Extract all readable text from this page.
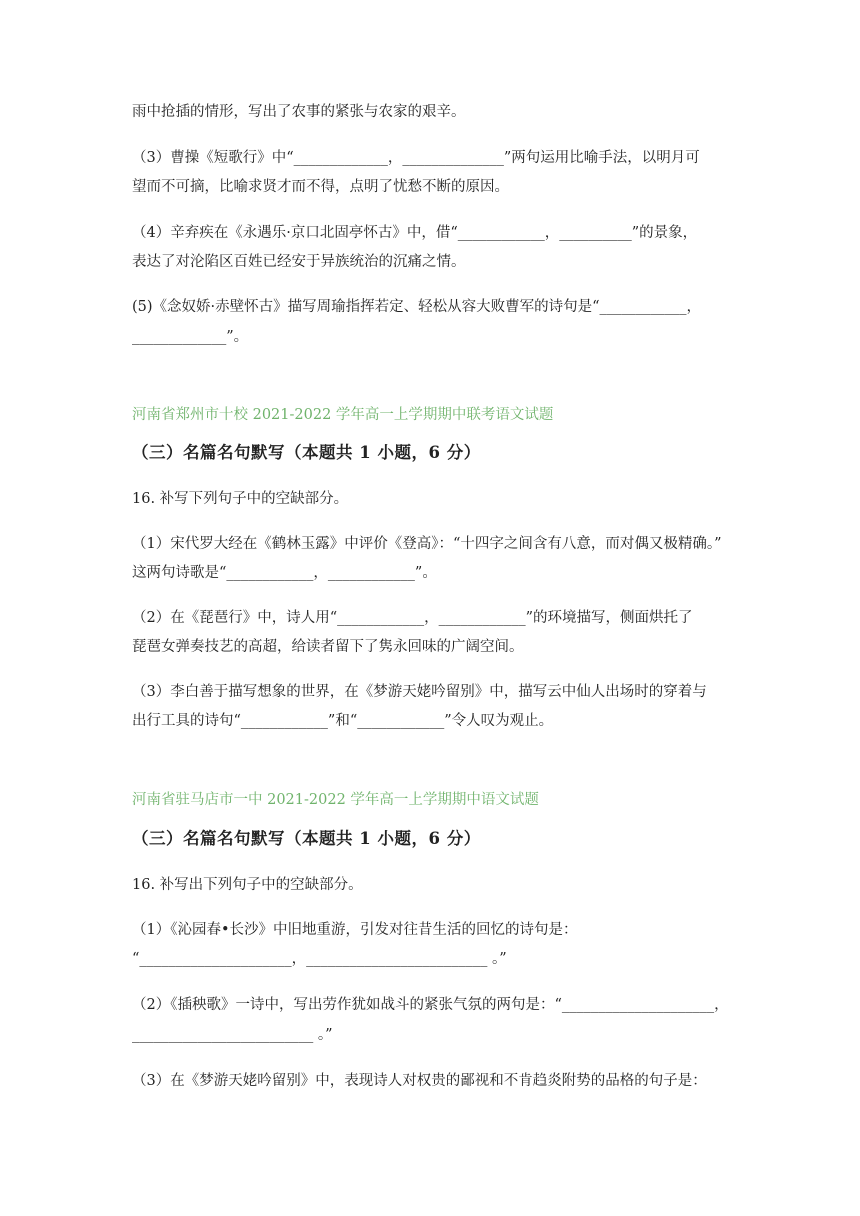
雨中抢插的情形，写出了农事的紧张与农家的艰辛。
（3）曹操《短歌行》中“_____________，______________”两句运用比喻手法，以明月可
望而不可摘，比喻求贤才而不得，点明了忧愁不断的原因。
（4）辛弃疾在《永遇乐·京口北固亭怀古》中，借“____________，__________”的景象，
表达了对沦陷区百姓已经安于异族统治的沉痛之情。
(5)《念奴娇·赤壁怀古》描写周瑜指挥若定、轻松从容大败曹军的诗句是“____________，
_____________”。
河南省郑州市十校 2021-2022 学年高一上学期期中联考语文试题
（三）名篇名句默写（本题共 1 小题，6 分）
16. 补写下列句子中的空缺部分。
（1）宋代罗大经在《鹤林玉露》中评价《登高》：“十四字之间含有八意，而对偶又极精确。”
这两句诗歌是“____________，____________”。
（2）在《琵琶行》中，诗人用“____________，____________”的环境描写，侧面烘托了
琵琶女弹奏技艺的高超，给读者留下了隽永回味的广阔空间。
（3）李白善于描写想象的世界，在《梦游天姥吟留别》中，描写云中仙人出场时的穿着与
出行工具的诗句“____________”和“____________”令人叹为观止。
河南省驻马店市一中 2021-2022 学年高一上学期期中语文试题
（三）名篇名句默写（本题共 1 小题，6 分）
16. 补写出下列句子中的空缺部分。
（1）《沁园春•长沙》中旧地重游，引发对往昔生活的回忆的诗句是：
“_____________________，_________________________ 。”
（2）《插秧歌》一诗中，写出劳作犹如战斗的紧张气氛的两句是：“_____________________，
_________________________ 。”
（3）在《梦游天姥吟留别》中，表现诗人对权贵的鄙视和不肯趋炎附势的品格的句子是：
